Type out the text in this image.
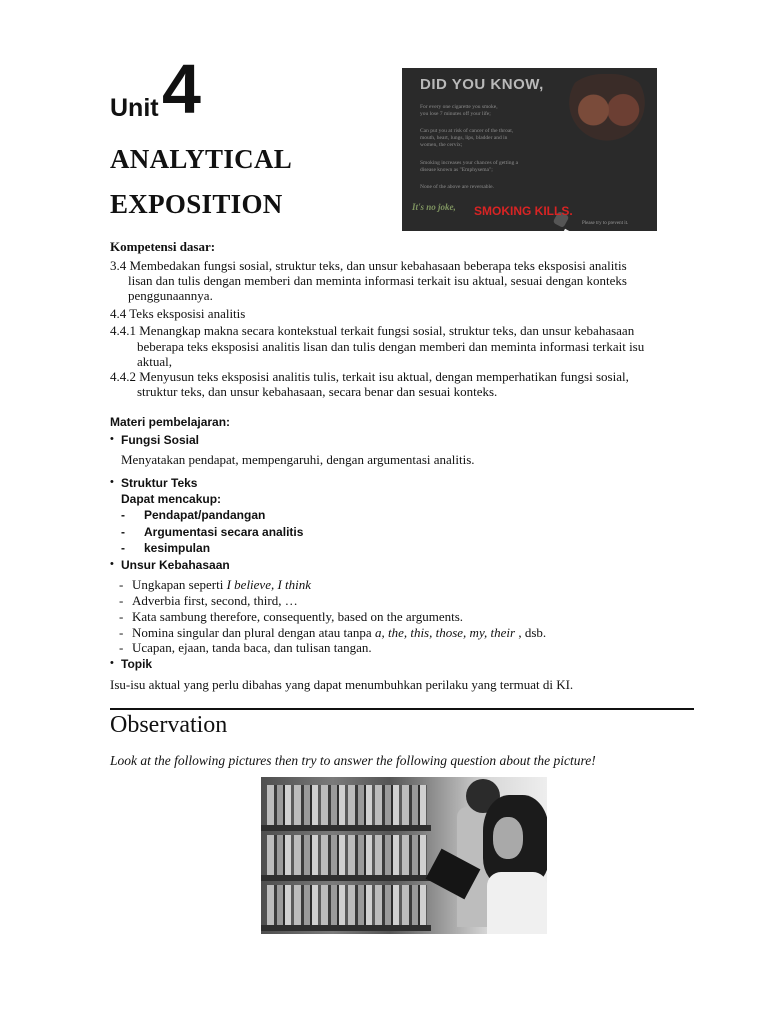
Unit 4
ANALYTICAL
EXPOSITION
DID YOU KNOW,
For every one cigarette you smoke,
you lose 7 minutes off your life;
Can put you at risk of cancer of the throat,
mouth, heart, lungs, lips, bladder and in
women, the cervix;
Smoking increases your chances of getting a
disease known as "Emphysema";
None of the above are reversable.
It's no joke, SMOKING KILLS.
Please try to prevent it.
Kompetensi dasar:
3.4 Membedakan fungsi sosial, struktur teks, dan unsur kebahasaan beberapa teks eksposisi analitis
lisan dan tulis dengan memberi dan meminta informasi terkait isu aktual, sesuai dengan konteks
penggunaannya.
4.4 Teks eksposisi analitis
4.4.1 Menangkap makna secara kontekstual terkait fungsi sosial, struktur teks, dan unsur kebahasaan
beberapa teks eksposisi analitis lisan dan tulis dengan memberi dan meminta informasi terkait isu
aktual,
4.4.2 Menyusun teks eksposisi analitis tulis, terkait isu aktual, dengan memperhatikan fungsi sosial,
struktur teks, dan unsur kebahasaan, secara benar dan sesuai konteks.
Materi pembelajaran:
• Fungsi Sosial
Menyatakan pendapat, mempengaruhi, dengan argumentasi analitis.
• Struktur Teks
Dapat mencakup:
- Pendapat/pandangan
- Argumentasi secara analitis
- kesimpulan
• Unsur Kebahasaan
- Ungkapan seperti I believe, I think
- Adverbia first, second, third, …
- Kata sambung therefore, consequently, based on the arguments.
- Nomina singular dan plural dengan atau tanpa a, the, this, those, my, their , dsb.
- Ucapan, ejaan, tanda baca, dan tulisan tangan.
• Topik
Isu-isu aktual yang perlu dibahas yang dapat menumbuhkan perilaku yang termuat di KI.
Observation
Look at the following pictures then try to answer the following question about the picture!
